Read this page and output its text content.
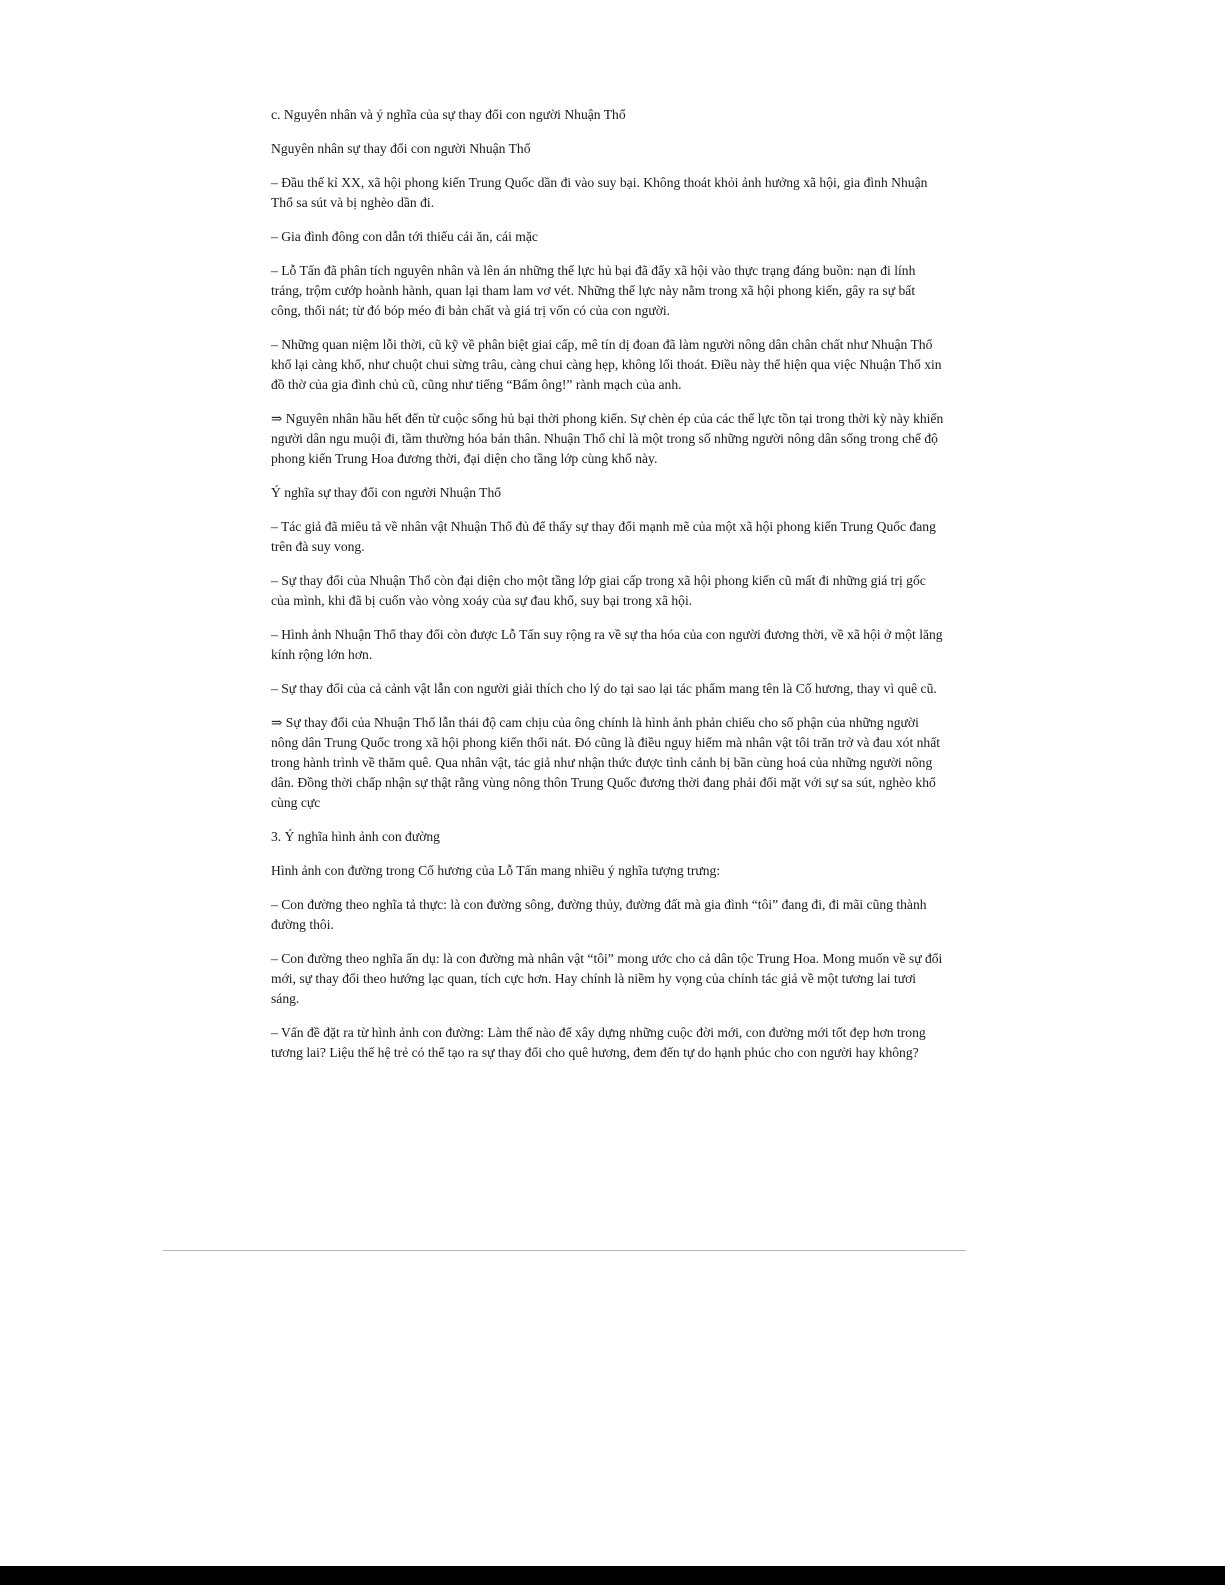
c. Nguyên nhân và ý nghĩa của sự thay đổi con người Nhuận Thổ

Nguyên nhân sự thay đổi con người Nhuận Thổ

– Đầu thế kỉ XX, xã hội phong kiến Trung Quốc dần đi vào suy bại. Không thoát khỏi ảnh hưởng xã hội, gia đình Nhuận Thổ sa sút và bị nghèo dần đi.

– Gia đình đông con dẫn tới thiếu cái ăn, cái mặc

– Lỗ Tấn đã phân tích nguyên nhân và lên án những thế lực hủ bại đã đẩy xã hội vào thực trạng đáng buồn: nạn đi lính tráng, trộm cướp hoành hành, quan lại tham lam vơ vét. Những thế lực này nằm trong xã hội phong kiến, gây ra sự bất công, thối nát; từ đó bóp méo đi bản chất và giá trị vốn có của con người.

– Những quan niệm lỗi thời, cũ kỹ về phân biệt giai cấp, mê tín dị đoan đã làm người nông dân chân chất như Nhuận Thổ khổ lại càng khổ, như chuột chui sừng trâu, càng chui càng hẹp, không lối thoát. Điều này thể hiện qua việc Nhuận Thổ xin đồ thờ của gia đình chủ cũ, cũng như tiếng “Bẩm ông!” rành mạch của anh.

⇒ Nguyên nhân hầu hết đến từ cuộc sống hủ bại thời phong kiến. Sự chèn ép của các thế lực tồn tại trong thời kỳ này khiến người dân ngu muội đi, tầm thường hóa bản thân. Nhuận Thổ chỉ là một trong số những người nông dân sống trong chế độ phong kiến Trung Hoa đương thời, đại diện cho tầng lớp cùng khổ này.

Ý nghĩa sự thay đổi con người Nhuận Thổ

– Tác giả đã miêu tả về nhân vật Nhuận Thổ đủ để thấy sự thay đổi mạnh mẽ của một xã hội phong kiến Trung Quốc đang trên đà suy vong.

– Sự thay đổi của Nhuận Thổ còn đại diện cho một tầng lớp giai cấp trong xã hội phong kiến cũ mất đi những giá trị gốc của mình, khi đã bị cuốn vào vòng xoáy của sự đau khổ, suy bại trong xã hội.

– Hình ảnh Nhuận Thổ thay đổi còn được Lỗ Tấn suy rộng ra về sự tha hóa của con người đương thời, về xã hội ở một lăng kính rộng lớn hơn.

– Sự thay đổi của cả cảnh vật lẫn con người giải thích cho lý do tại sao lại tác phẩm mang tên là Cố hương, thay vì quê cũ.

⇒ Sự thay đổi của Nhuận Thổ lẫn thái độ cam chịu của ông chính là hình ảnh phản chiếu cho số phận của những người nông dân Trung Quốc trong xã hội phong kiến thối nát. Đó cũng là điều nguy hiểm mà nhân vật tôi trăn trở và đau xót nhất trong hành trình về thăm quê. Qua nhân vật, tác giả như nhận thức được tình cảnh bị bần cùng hoá của những người nông dân. Đồng thời chấp nhận sự thật rằng vùng nông thôn Trung Quốc đương thời đang phải đối mặt với sự sa sút, nghèo khổ cùng cực

3. Ý nghĩa hình ảnh con đường

Hình ảnh con đường trong Cố hương của Lỗ Tấn mang nhiều ý nghĩa tượng trưng:

– Con đường theo nghĩa tả thực: là con đường sông, đường thủy, đường đất mà gia đình “tôi” đang đi, đi mãi cũng thành đường thôi.

– Con đường theo nghĩa ẩn dụ: là con đường mà nhân vật “tôi” mong ước cho cả dân tộc Trung Hoa. Mong muốn về sự đổi mới, sự thay đổi theo hướng lạc quan, tích cực hơn. Hay chính là niềm hy vọng của chính tác giả về một tương lai tươi sáng.

– Vấn đề đặt ra từ hình ảnh con đường: Làm thế nào để xây dựng những cuộc đời mới, con đường mới tốt đẹp hơn trong tương lai? Liệu thế hệ trẻ có thể tạo ra sự thay đổi cho quê hương, đem đến tự do hạnh phúc cho con người hay không?
